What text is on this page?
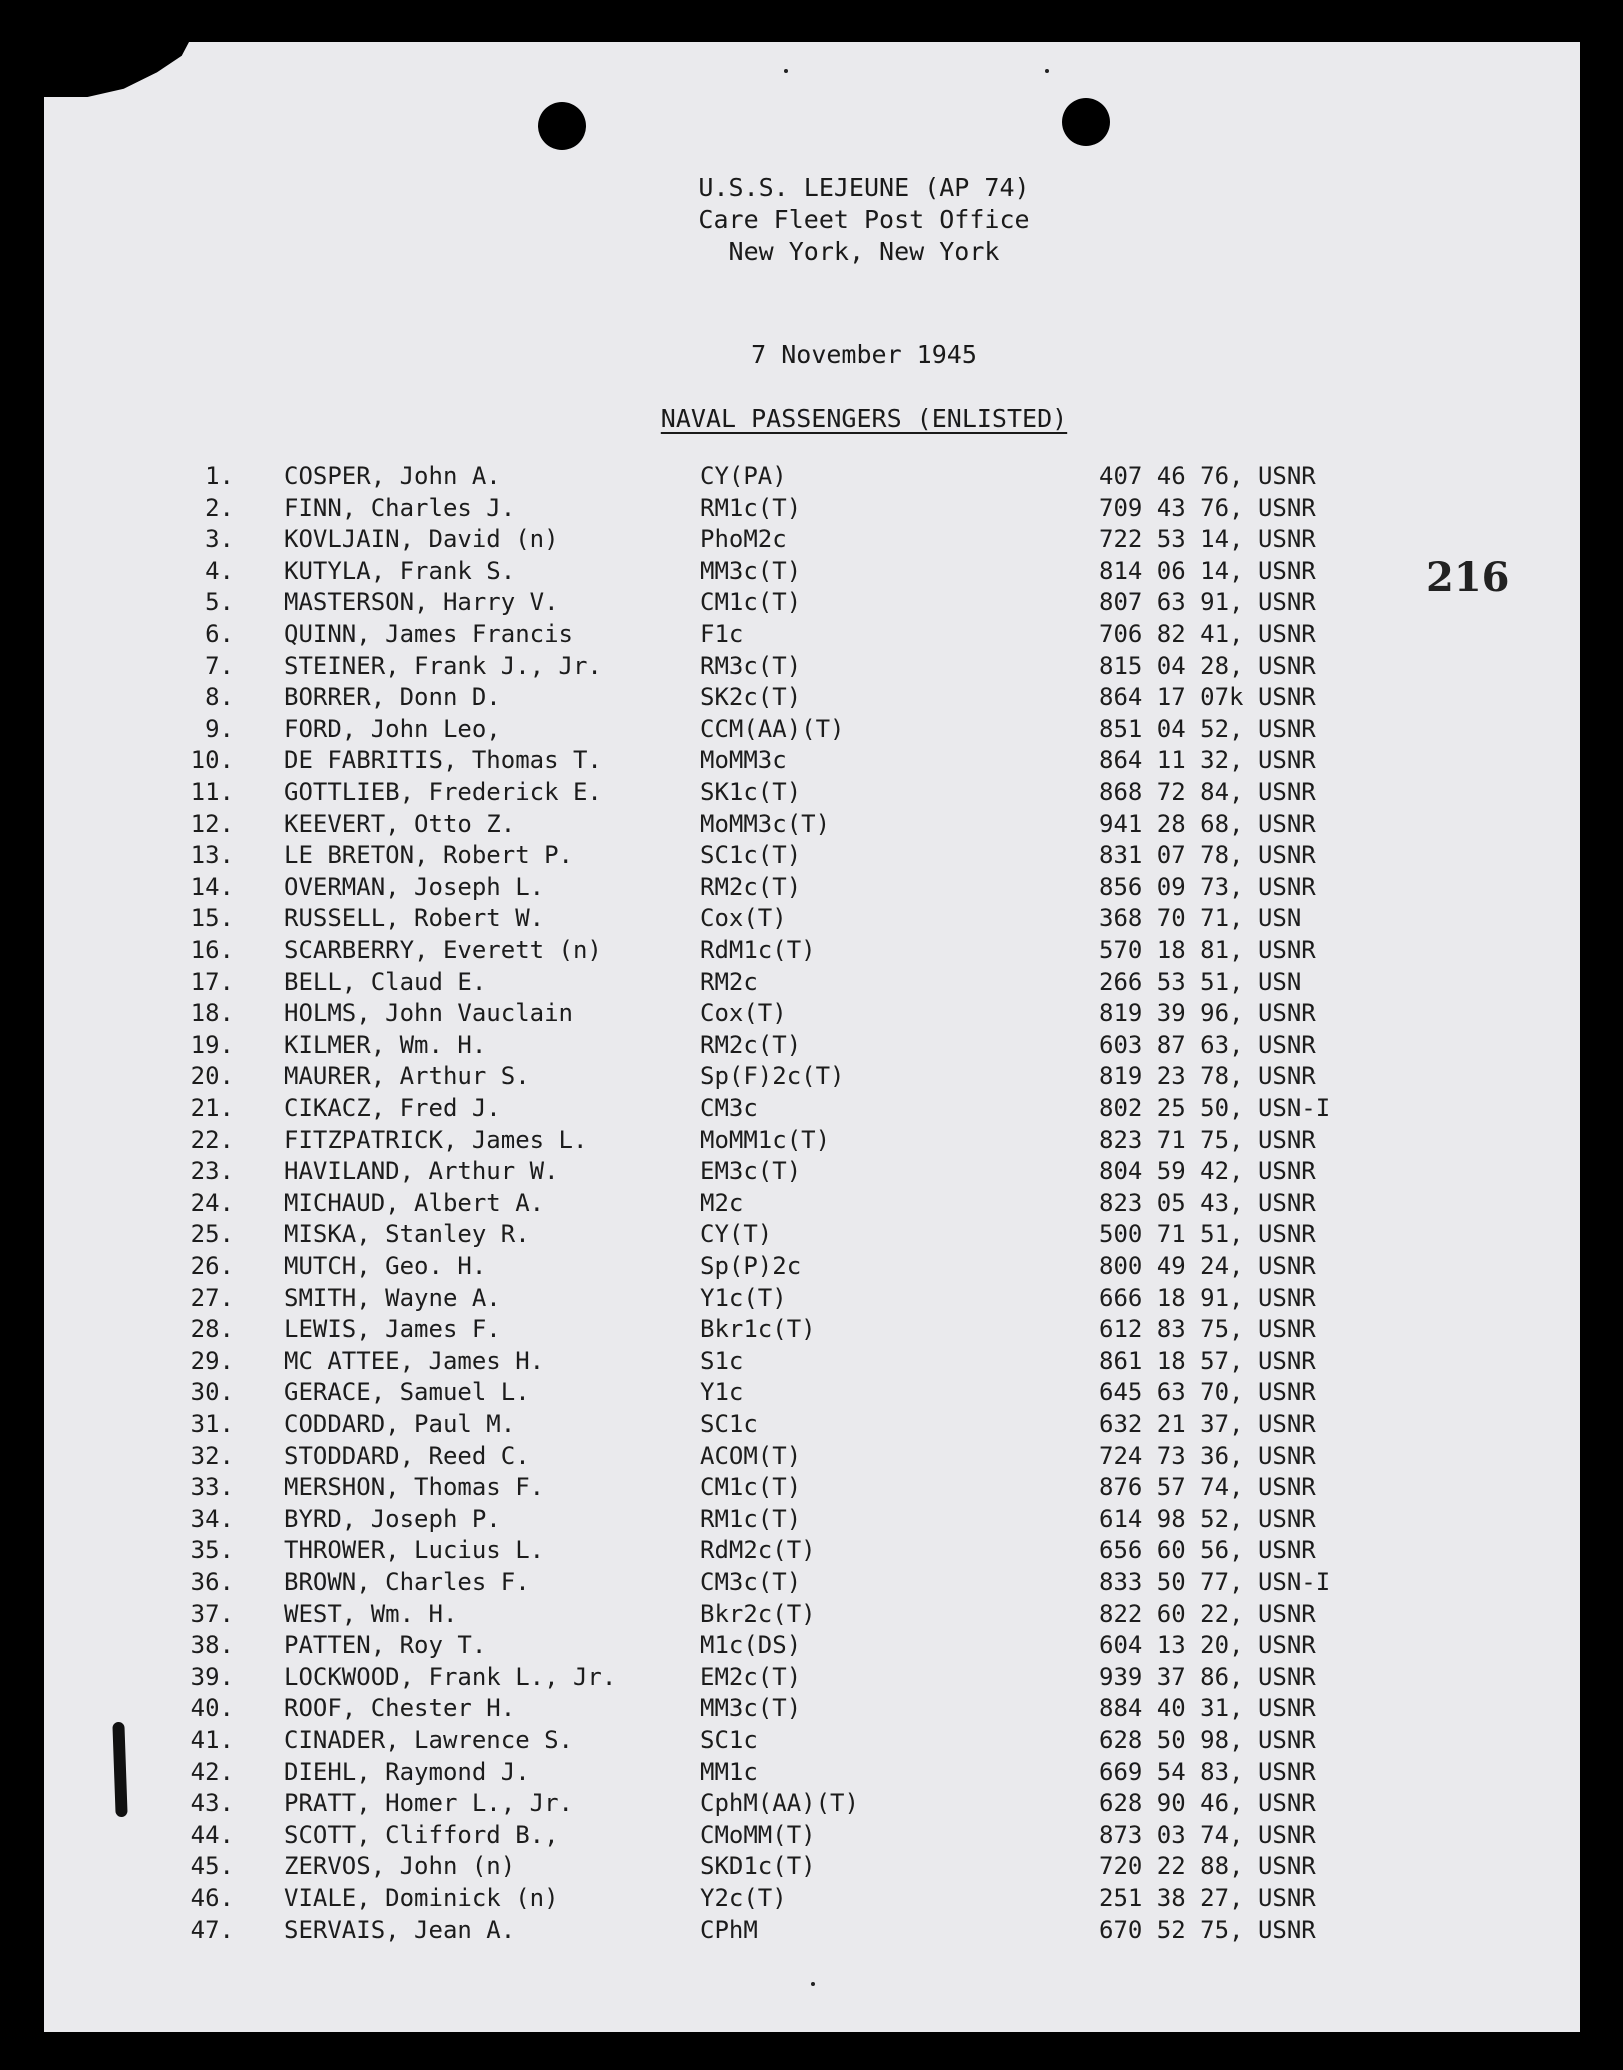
U.S.S. LEJEUNE (AP 74)
Care Fleet Post Office
New York, New York
7 November 1945
NAVAL PASSENGERS (ENLISTED)
216
1. COSPER, John A.	CY(PA)	407 46 76, USNR
2. FINN, Charles J.	RM1c(T)	709 43 76, USNR
3. KOVLJAIN, David (n)	PhoM2c	722 53 14, USNR
4. KUTYLA, Frank S.	MM3c(T)	814 06 14, USNR
5. MASTERSON, Harry V.	CM1c(T)	807 63 91, USNR
6. QUINN, James Francis	F1c	706 82 41, USNR
7. STEINER, Frank J., Jr.	RM3c(T)	815 04 28, USNR
8. BORRER, Donn D.	SK2c(T)	864 17 07k USNR
9. FORD, John Leo,	CCM(AA)(T)	851 04 52, USNR
10. DE FABRITIS, Thomas T.	MoMM3c	864 11 32, USNR
11. GOTTLIEB, Frederick E.	SK1c(T)	868 72 84, USNR
12. KEEVERT, Otto Z.	MoMM3c(T)	941 28 68, USNR
13. LE BRETON, Robert P.	SC1c(T)	831 07 78, USNR
14. OVERMAN, Joseph L.	RM2c(T)	856 09 73, USNR
15. RUSSELL, Robert W.	Cox(T)	368 70 71, USN
16. SCARBERRY, Everett (n)	RdM1c(T)	570 18 81, USNR
17. BELL, Claud E.	RM2c	266 53 51, USN
18. HOLMS, John Vauclain	Cox(T)	819 39 96, USNR
19. KILMER, Wm. H.	RM2c(T)	603 87 63, USNR
20. MAURER, Arthur S.	Sp(F)2c(T)	819 23 78, USNR
21. CIKACZ, Fred J.	CM3c	802 25 50, USN-I
22. FITZPATRICK, James L.	MoMM1c(T)	823 71 75, USNR
23. HAVILAND, Arthur W.	EM3c(T)	804 59 42, USNR
24. MICHAUD, Albert A.	M2c	823 05 43, USNR
25. MISKA, Stanley R.	CY(T)	500 71 51, USNR
26. MUTCH, Geo. H.	Sp(P)2c	800 49 24, USNR
27. SMITH, Wayne A.	Y1c(T)	666 18 91, USNR
28. LEWIS, James F.	Bkr1c(T)	612 83 75, USNR
29. MC ATTEE, James H.	S1c	861 18 57, USNR
30. GERACE, Samuel L.	Y1c	645 63 70, USNR
31. CODDARD, Paul M.	SC1c	632 21 37, USNR
32. STODDARD, Reed C.	ACOM(T)	724 73 36, USNR
33. MERSHON, Thomas F.	CM1c(T)	876 57 74, USNR
34. BYRD, Joseph P.	RM1c(T)	614 98 52, USNR
35. THROWER, Lucius L.	RdM2c(T)	656 60 56, USNR
36. BROWN, Charles F.	CM3c(T)	833 50 77, USN-I
37. WEST, Wm. H.	Bkr2c(T)	822 60 22, USNR
38. PATTEN, Roy T.	M1c(DS)	604 13 20, USNR
39. LOCKWOOD, Frank L., Jr.	EM2c(T)	939 37 86, USNR
40. ROOF, Chester H.	MM3c(T)	884 40 31, USNR
41. CINADER, Lawrence S.	SC1c	628 50 98, USNR
42. DIEHL, Raymond J.	MM1c	669 54 83, USNR
43. PRATT, Homer L., Jr.	CphM(AA)(T)	628 90 46, USNR
44. SCOTT, Clifford B.,	CMoMM(T)	873 03 74, USNR
45. ZERVOS, John (n)	SKD1c(T)	720 22 88, USNR
46. VIALE, Dominick (n)	Y2c(T)	251 38 27, USNR
47. SERVAIS, Jean A.	CPhM	670 52 75, USNR
